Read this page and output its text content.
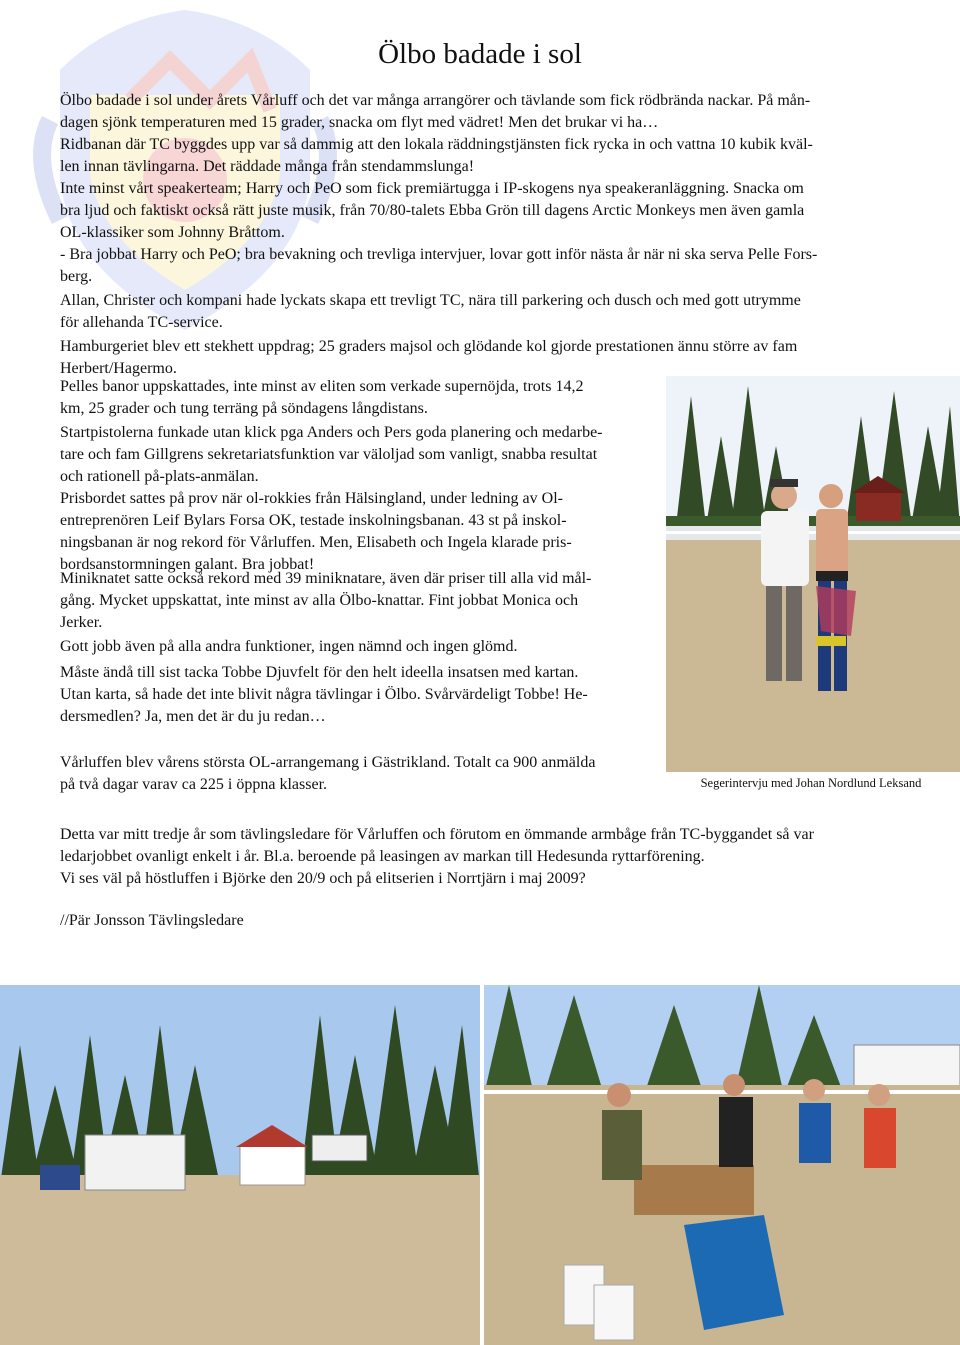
Ölbo badade i sol

Ölbo badade i sol under årets Vårluff och det var många arrangörer och tävlande som fick rödbrända nackar. På mån-
dagen sjönk temperaturen med 15 grader, snacka om flyt med vädret! Men det brukar vi ha…
Ridbanan där TC byggdes upp var så dammig att den lokala räddningstjänsten fick rycka in och vattna 10 kubik kväl-
len innan tävlingarna. Det räddade många från stendammslunga!

Inte minst vårt speakerteam; Harry och PeO som fick premiärtugga i IP-skogens nya speakeranläggning. Snacka om
bra ljud och faktiskt också rätt juste musik, från 70/80-talets Ebba Grön till dagens Arctic Monkeys men även gamla
OL-klassiker som Johnny Bråttom.

- Bra jobbat Harry och PeO; bra bevakning och trevliga intervjuer, lovar gott inför nästa år när ni ska serva Pelle Fors-
berg.

Allan, Christer och kompani hade lyckats skapa ett trevligt TC, nära till parkering och dusch och med gott utrymme
för allehanda TC-service.

Hamburgeriet blev ett stekhett uppdrag; 25 graders majsol och glödande kol gjorde prestationen ännu större av fam
Herbert/Hagermo.

Pelles banor uppskattades, inte minst av eliten som verkade supernöjda, trots 14,2
km, 25 grader och tung terräng på söndagens långdistans.

Startpistolerna funkade utan klick pga Anders och Pers goda planering och medarbe-
tare och fam Gillgrens sekretariatsfunktion var väloljad som vanligt, snabba resultat
och rationell på-plats-anmälan.

Prisbordet sattes på prov när ol-rokkies från Hälsingland, under ledning av Ol-
entreprenören Leif Bylars Forsa OK, testade inskolningsbanan. 43 st på inskol-
ningsbanan är nog rekord för Vårluffen. Men, Elisabeth och Ingela klarade pris-
bordsanstormningen galant. Bra jobbat!

Miniknatet satte också rekord med 39 miniknatare, även där priser till alla vid mål-
gång. Mycket uppskattat, inte minst av alla Ölbo-knattar. Fint jobbat Monica och
Jerker.

Gott jobb även på alla andra funktioner, ingen nämnd och ingen glömd.

Måste ändå till sist tacka Tobbe Djuvfelt för den helt ideella insatsen med kartan.
Utan karta, så hade det inte blivit några tävlingar i Ölbo. Svårvärdeligt Tobbe! He-
dersmedlen? Ja, men det är du ju redan…

Vårluffen blev vårens största OL-arrangemang i Gästrikland. Totalt ca 900 anmälda
på två dagar varav ca 225 i öppna klasser.

Detta var mitt tredje år som tävlingsledare för Vårluffen och förutom en ömmande armbåge från TC-byggandet så var
ledarjobbet ovanligt enkelt i år. Bl.a. beroende på leasingen av markan till Hedesunda ryttarförening.
Vi ses väl på höstluffen i Björke den 20/9 och på elitserien i Norrtjärn i maj 2009?

//Pär Jonsson Tävlingsledare

Segerintervju med Johan Nordlund Leksand
